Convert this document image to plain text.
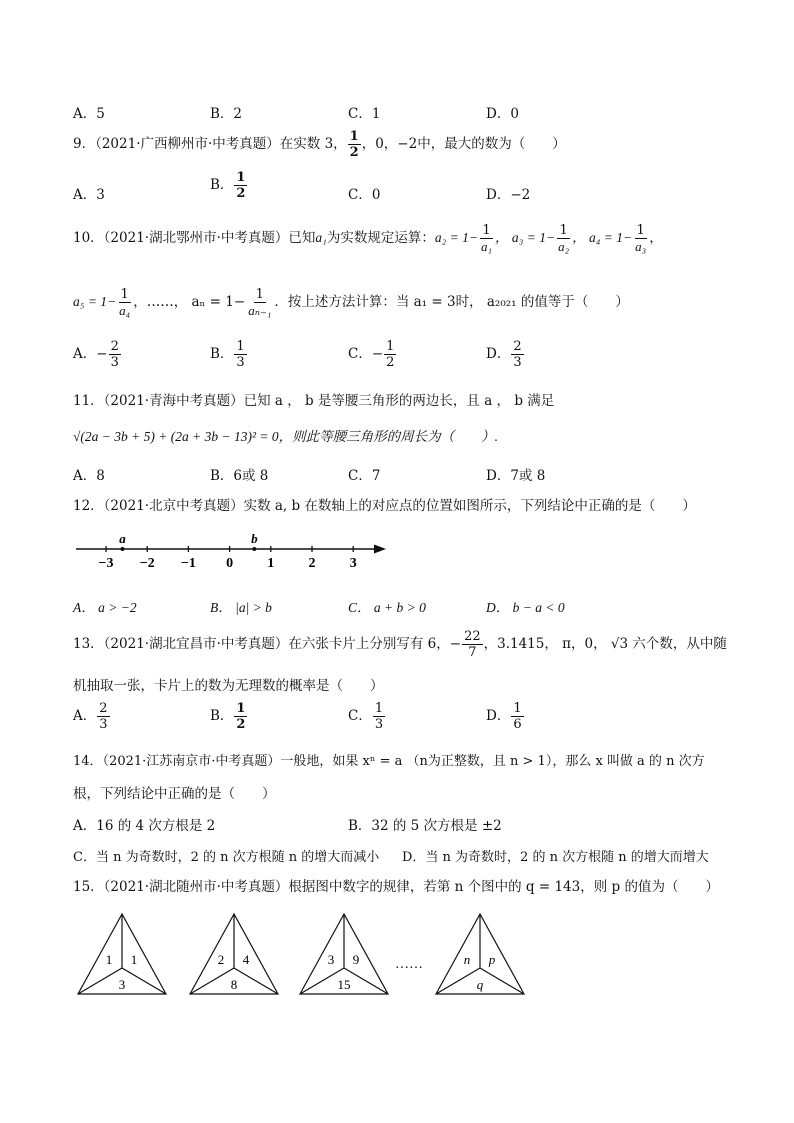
A．5	B．2	C．1	D．0
9．（2021·广西柳州市·中考真题）在实数 3， $\frac{1}{2}$ ，0，−2中，最大的数为（　　）
A．3
B． $\frac{1}{2}$	C．0	D．−2
10．（2021·湖北鄂州市·中考真题）已知a₁为实数规定运算：$a_2 = 1- \frac{1}{\text{a₁}}$ ， $a_3 = 1- \frac{1}{\text{a₂}}$ ， $a_4 = 1- \frac{1}{\text{a₃}}$ ，
$a_5 = 1- \frac{1}{\text{a₄}}$ ，……， $a_n = 1- \frac{1}{\text{aₙ₋₁}}$ ．按上述方法计算：当 a₁ = 3时， a₂₀₂₁ 的值等于（　　）
A．− $\frac{2}{3}$	B． $\frac{1}{3}$	C．− $\frac{1}{2}$	D． $\frac{2}{3}$
11．（2021·青海中考真题）已知 a ， b 是等腰三角形的两边长，且 a ， b 满足
√(2a − 3b + 5) + (2a + 3b − 13)² = 0，则此等腰三角形的周长为（　　）.
A．8	B．6或 8	C．7	D．7或 8
12．（2021·北京中考真题）实数 a, b 在数轴上的对应点的位置如图所示，下列结论中正确的是（　　）
−3 −2 −1 0 1 2 3
a	b
A． a > −2	B． |a| > b	C． a + b > 0	D． b − a < 0
13．（2021·湖北宜昌市·中考真题）在六张卡片上分别写有 6，− $\frac{22}{7}$ ，3.1415， π，0， √3 六个数，从中随
机抽取一张，卡片上的数为无理数的概率是（　　）
A． $\frac{2}{3}$	B． $\frac{1}{2}$	C． $\frac{1}{3}$	D． $\frac{1}{6}$
14．（2021·江苏南京市·中考真题）一般地，如果 xⁿ = a （n为正整数，且 n > 1），那么 x 叫做 a 的 n 次方
根，下列结论中正确的是（　　）
A．16 的 4 次方根是 2	B．32 的 5 次方根是 ±2
C．当 n 为奇数时，2 的 n 次方根随 n 的增大而减小 D．当 n 为奇数时，2 的 n 次方根随 n 的增大而增大
15．（2021·湖北随州市·中考真题）根据图中数字的规律，若第 n 个图中的 q = 143，则 p 的值为（　　）
1 1
3
2 4
8
3 9
15
n p
q
……
